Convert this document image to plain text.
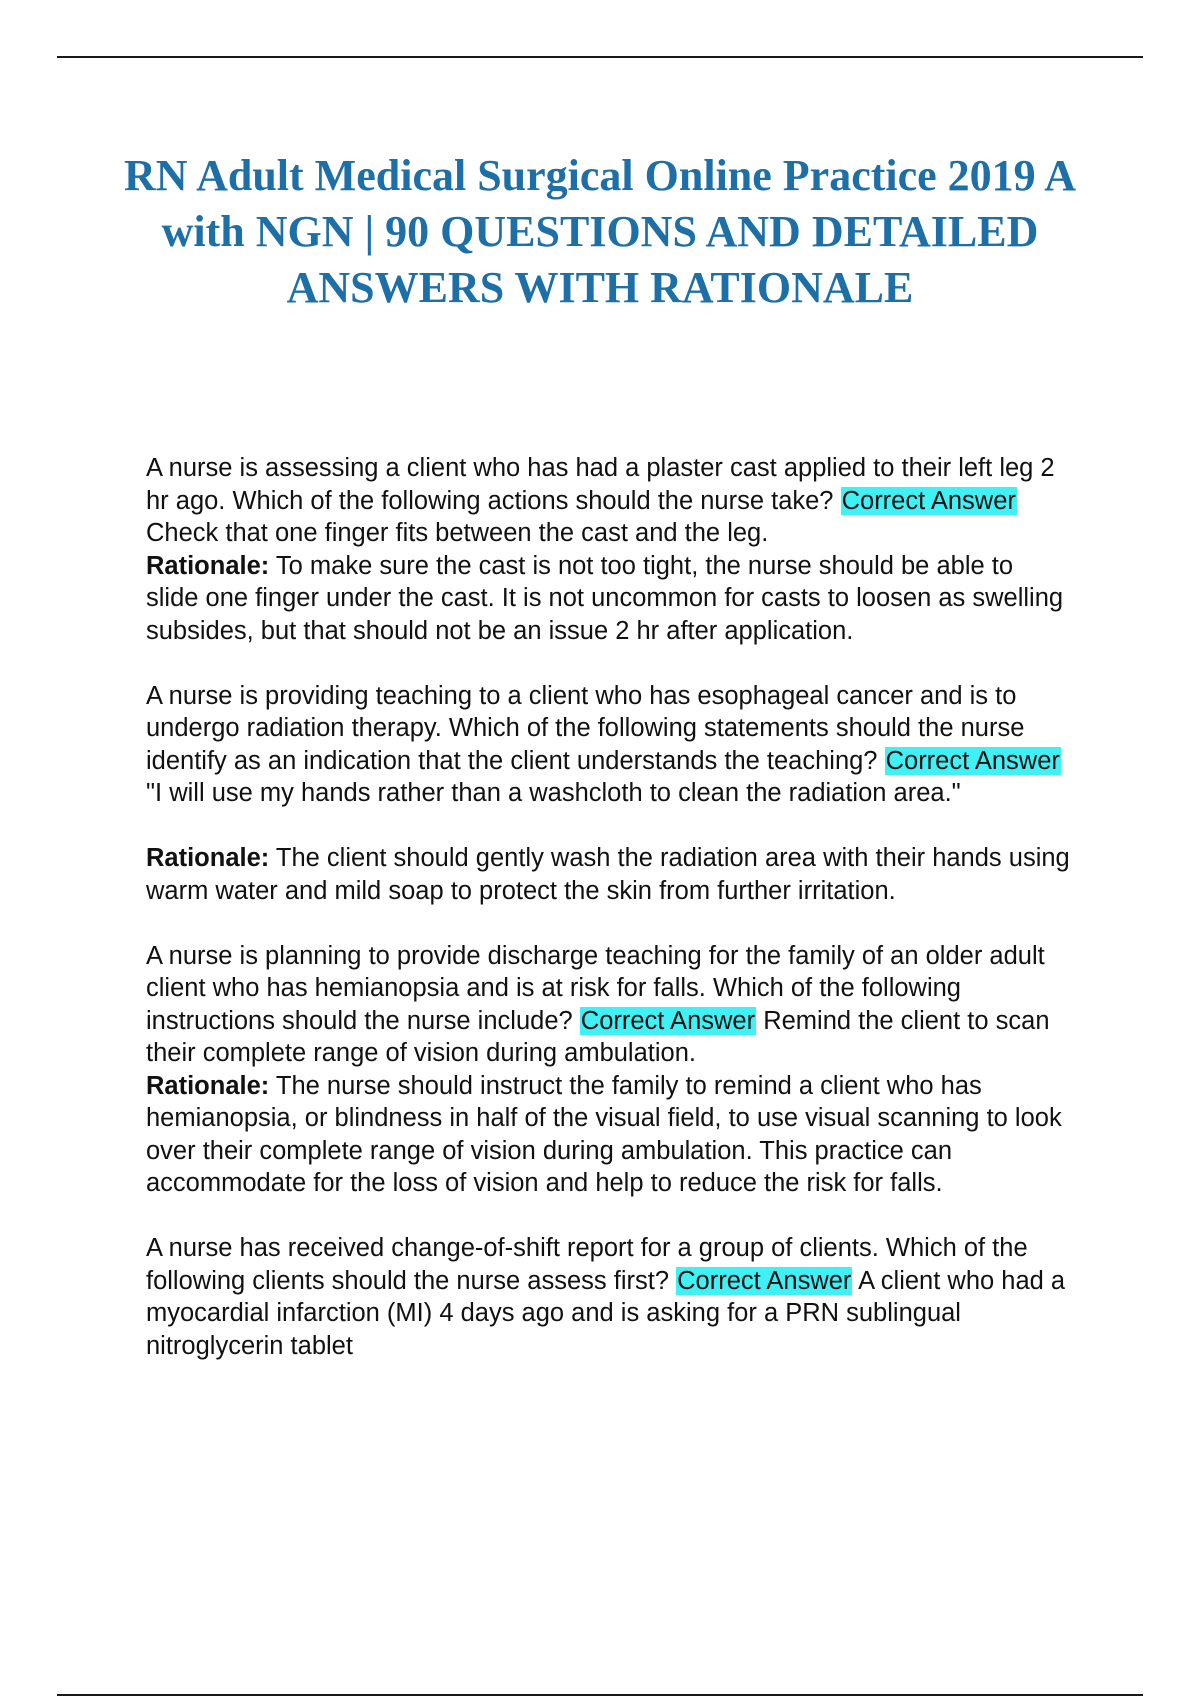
RN Adult Medical Surgical Online Practice 2019 A with NGN | 90 QUESTIONS AND DETAILED ANSWERS WITH RATIONALE

A nurse is assessing a client who has had a plaster cast applied to their left leg 2 hr ago. Which of the following actions should the nurse take? Correct Answer Check that one finger fits between the cast and the leg.

Rationale: To make sure the cast is not too tight, the nurse should be able to slide one finger under the cast. It is not uncommon for casts to loosen as swelling subsides, but that should not be an issue 2 hr after application.

A nurse is providing teaching to a client who has esophageal cancer and is to undergo radiation therapy. Which of the following statements should the nurse identify as an indication that the client understands the teaching? Correct Answer "I will use my hands rather than a washcloth to clean the radiation area."

Rationale: The client should gently wash the radiation area with their hands using warm water and mild soap to protect the skin from further irritation.

A nurse is planning to provide discharge teaching for the family of an older adult client who has hemianopsia and is at risk for falls. Which of the following instructions should the nurse include? Correct Answer Remind the client to scan their complete range of vision during ambulation.

Rationale: The nurse should instruct the family to remind a client who has hemianopsia, or blindness in half of the visual field, to use visual scanning to look over their complete range of vision during ambulation. This practice can accommodate for the loss of vision and help to reduce the risk for falls.

A nurse has received change-of-shift report for a group of clients. Which of the following clients should the nurse assess first? Correct Answer A client who had a myocardial infarction (MI) 4 days ago and is asking for a PRN sublingual nitroglycerin tablet
